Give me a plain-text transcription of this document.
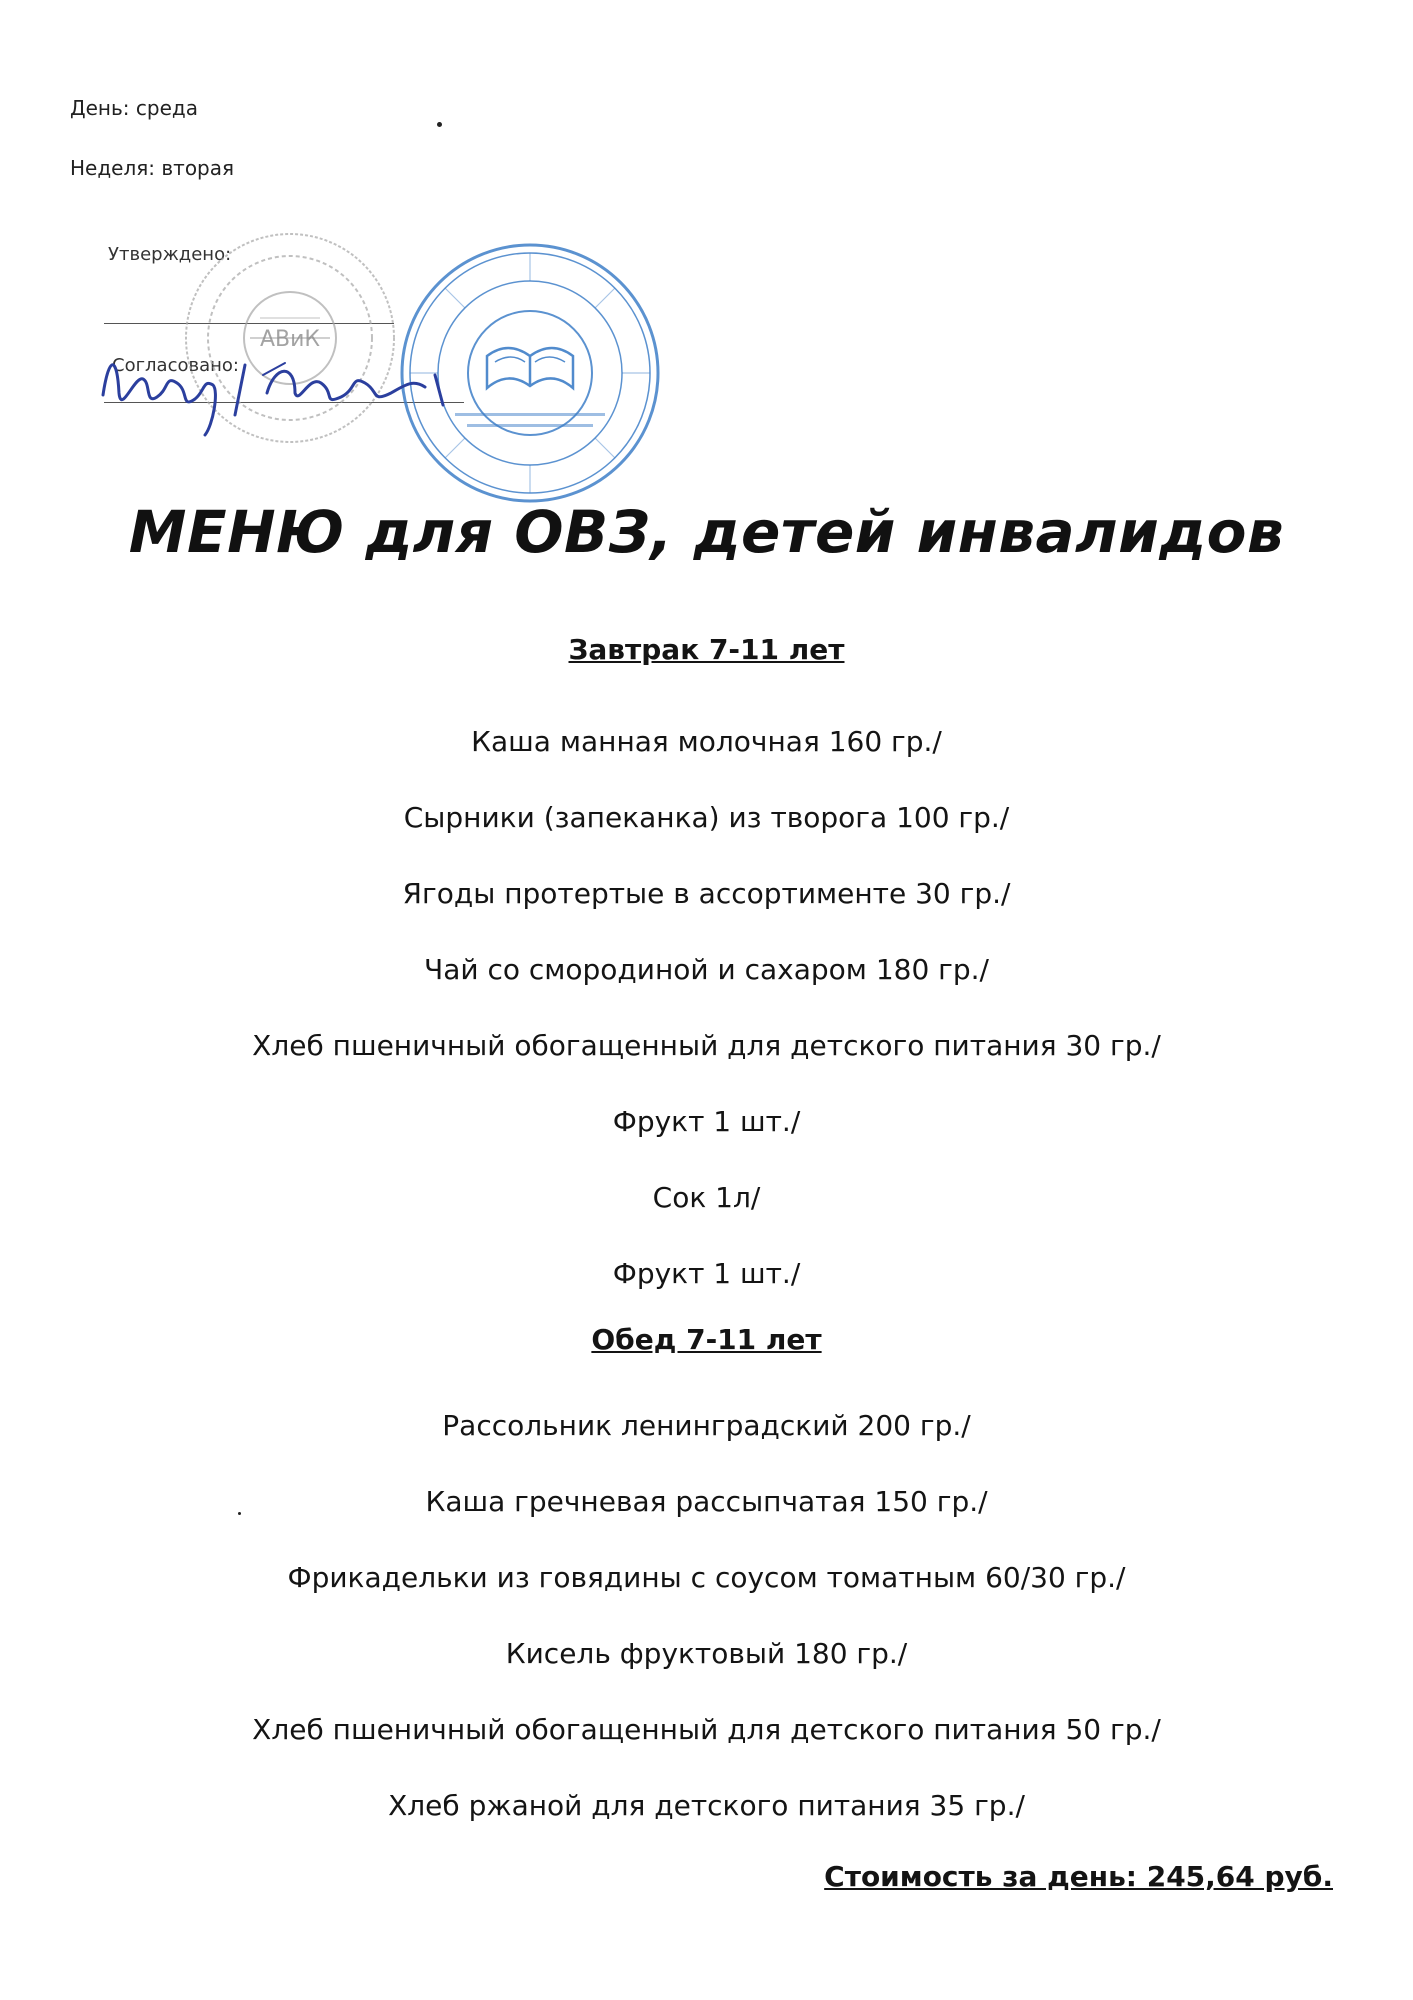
День: среда
Неделя: вторая
Утверждено:
Согласовано:
АВиК
МЕНЮ для ОВЗ, детей инвалидов
Завтрак 7-11 лет
Каша манная молочная 160 гр./
Сырники (запеканка) из творога 100 гр./
Ягоды протертые в ассортименте 30 гр./
Чай со смородиной и сахаром 180 гр./
Хлеб пшеничный обогащенный для детского питания 30 гр./
Фрукт 1 шт./
Сок 1л/
Фрукт 1 шт./
Обед 7-11 лет
Рассольник ленинградский 200 гр./
Каша гречневая рассыпчатая 150 гр./
Фрикадельки из говядины с соусом томатным 60/30 гр./
Кисель фруктовый 180 гр./
Хлеб пшеничный обогащенный для детского питания 50 гр./
Хлеб ржаной для детского питания 35 гр./
Стоимость за день: 245,64 руб.
